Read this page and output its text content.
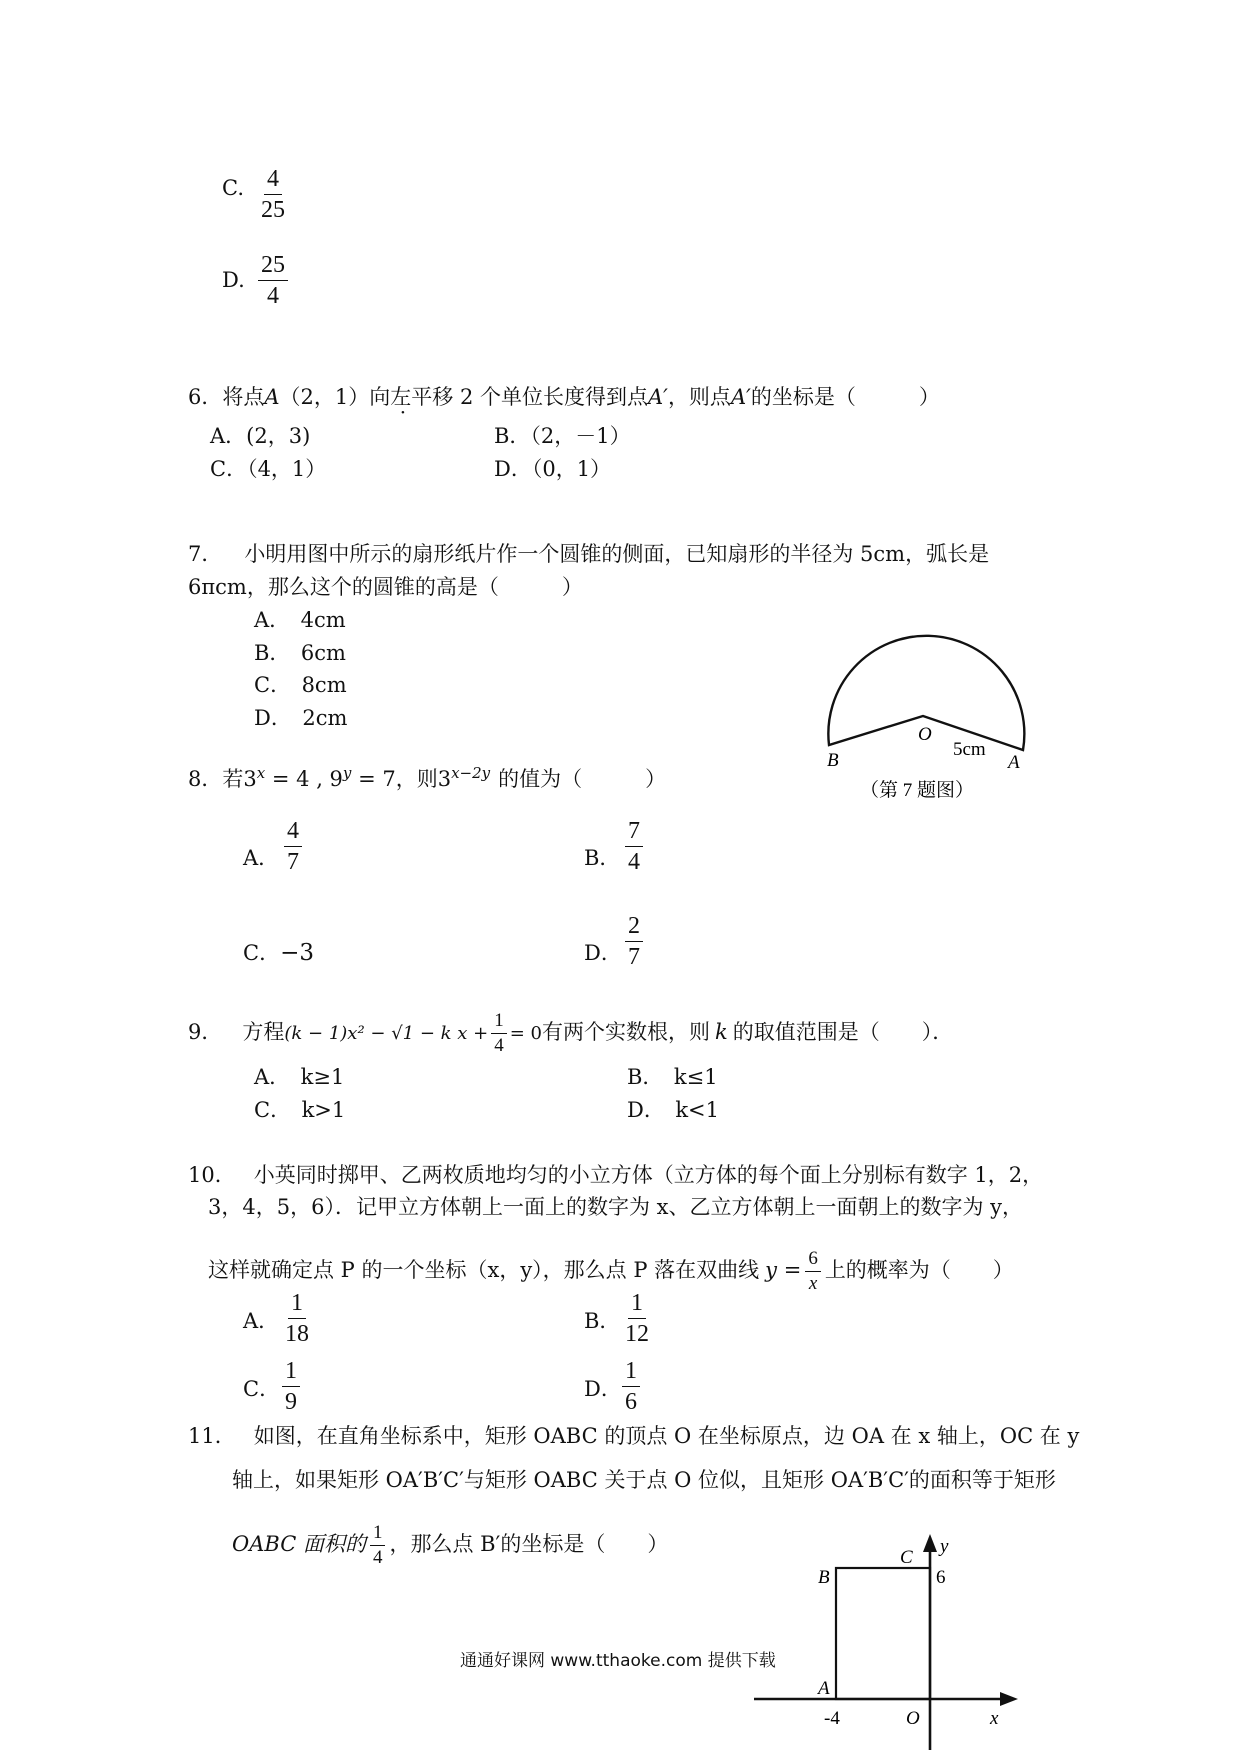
C. $\frac{4}{25}$
D. $\frac{25}{4}$
6．将点A（2，1）向左平移 2 个单位长度得到点A′，则点A′的坐标是（　　　）
A．(2，3)	B．（2，－1）
C．（4，1）	D．（0，1）
7． 小明用图中所示的扇形纸片作一个圆锥的侧面，已知扇形的半径为 5cm，弧长是
6πcm，那么这个的圆锥的高是（　　　）
A．　4cm
B．　6cm
C．　8cm
D．　2cm
O
B	A
5cm
（第 7 题图）
8．若$3^x = 4$ , $9^y = 7$，则$3^{x-2y}$ 的值为（　　　）
A． $\frac{4}{7}$	B． $\frac{7}{4}$
C．−3	D． $\frac{2}{7}$
9． 方程(k − 1)x² − √1 − k $x + \frac{1}{4} = 0$有两个实数根，则 k 的取值范围是（　　）．
A．　k≥1	B．　k≤1
C．　k>1	D．　k<1
10． 小英同时掷甲、乙两枚质地均匀的小立方体（立方体的每个面上分别标有数字 1，2，
3，4，5，6）．记甲立方体朝上一面上的数字为 x、乙立方体朝上一面朝上的数字为 y，
这样就确定点 P 的一个坐标（x，y），那么点 P 落在双曲线 $y = \frac{6}{x}$ 上的概率为（　　）
A． $\frac{1}{18}$	B． $\frac{1}{12}$
C． $\frac{1}{9}$	D． $\frac{1}{6}$
11． 如图，在直角坐标系中，矩形 OABC 的顶点 O 在坐标原点，边 OA 在 x 轴上，OC 在 y
轴上，如果矩形 OA′B′C′与矩形 OABC 关于点 O 位似，且矩形 OA′B′C′的面积等于矩形
OABC 面积的 $\frac{1}{4}$ ，那么点 B′的坐标是（　　）	y
C
B	6
A
-4	O	x
通通好课网 www.tthaoke.com 提供下载
